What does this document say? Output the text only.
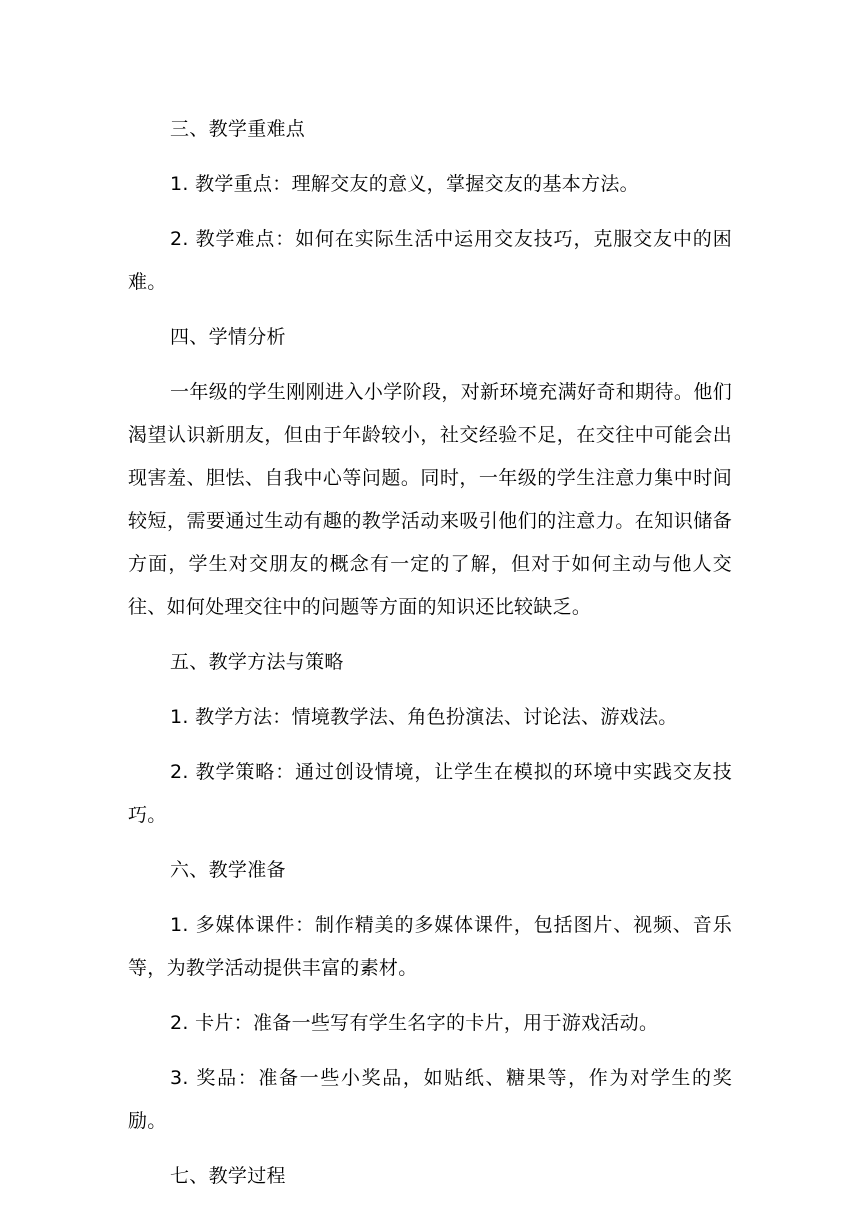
三、教学重难点

1. 教学重点：理解交友的意义，掌握交友的基本方法。

2. 教学难点：如何在实际生活中运用交友技巧，克服交友中的困难。

四、学情分析

一年级的学生刚刚进入小学阶段，对新环境充满好奇和期待。他们渴望认识新朋友，但由于年龄较小，社交经验不足，在交往中可能会出现害羞、胆怯、自我中心等问题。同时，一年级的学生注意力集中时间较短，需要通过生动有趣的教学活动来吸引他们的注意力。在知识储备方面，学生对交朋友的概念有一定的了解，但对于如何主动与他人交往、如何处理交往中的问题等方面的知识还比较缺乏。

五、教学方法与策略

1. 教学方法：情境教学法、角色扮演法、讨论法、游戏法。

2. 教学策略：通过创设情境，让学生在模拟的环境中实践交友技巧。

六、教学准备

1. 多媒体课件：制作精美的多媒体课件，包括图片、视频、音乐等，为教学活动提供丰富的素材。

2. 卡片：准备一些写有学生名字的卡片，用于游戏活动。

3. 奖品：准备一些小奖品，如贴纸、糖果等，作为对学生的奖励。

七、教学过程
